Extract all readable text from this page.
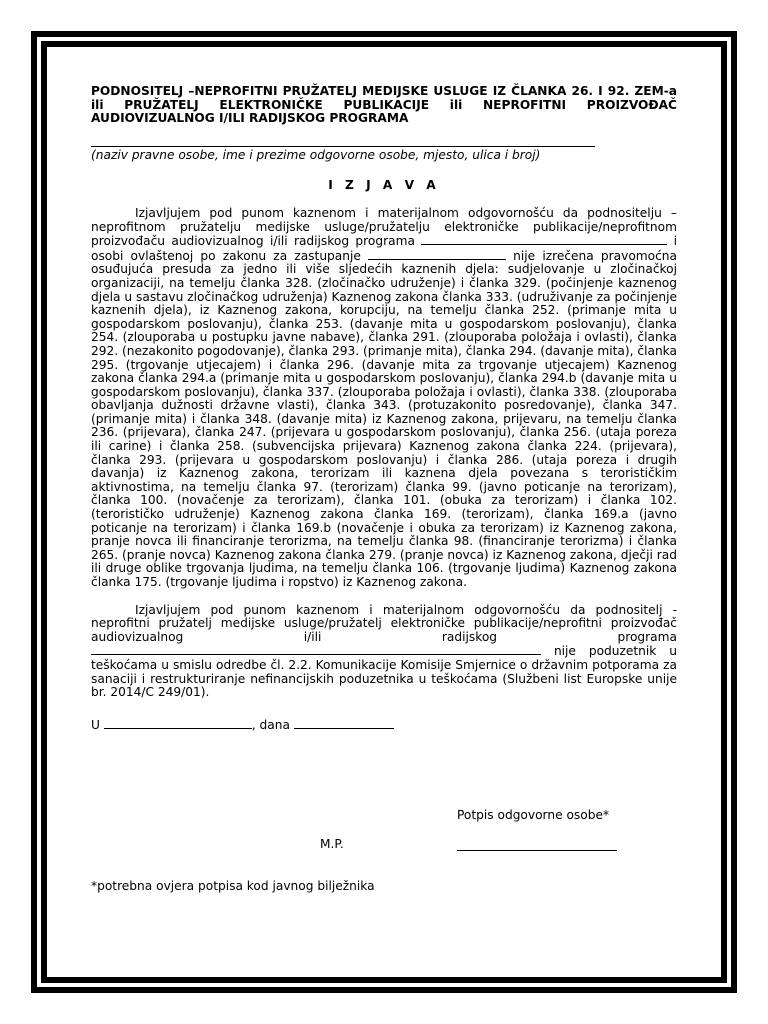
PODNOSITELJ –NEPROFITNI PRUŽATELJ MEDIJSKE USLUGE IZ ČLANKA 26. I 92. ZEM-a ili PRUŽATELJ ELEKTRONIČKE PUBLIKACIJE ili NEPROFITNI PROIZVOĐAČ AUDIOVIZUALNOG I/ILI RADIJSKOG PROGRAMA

(naziv pravne osobe, ime i prezime odgovorne osobe, mjesto, ulica i broj)
I Z J A V A

Izjavljujem pod punom kaznenom i materijalnom odgovornošću da podnositelju – neprofitnom pružatelju medijske usluge/pružatelju elektroničke publikacije/neprofitnom proizvođaču audiovizualnog i/ili radijskog programa	i osobi ovlaštenoj po zakonu za zastupanje	nije izrečena pravomoćna osuđujuća presuda za jedno ili više sljedećih kaznenih djela: sudjelovanje u zločinačkoj organizaciji, na temelju članka 328. (zločinačko udruženje) i članka 329. (počinjenje kaznenog djela u sastavu zločinačkog udruženja) Kaznenog zakona članka 333. (udruživanje za počinjenje kaznenih djela), iz Kaznenog zakona, korupciju, na temelju članka 252. (primanje mita u gospodarskom poslovanju), članka 253. (davanje mita u gospodarskom poslovanju), članka 254. (zlouporaba u postupku javne nabave), članka 291. (zlouporaba položaja i ovlasti), članka 292. (nezakonito pogodovanje), članka 293. (primanje mita), članka 294. (davanje mita), članka 295. (trgovanje utjecajem) i članka 296. (davanje mita za trgovanje utjecajem) Kaznenog zakona članka 294.a (primanje mita u gospodarskom poslovanju), članka 294.b (davanje mita u gospodarskom poslovanju), članka 337. (zlouporaba položaja i ovlasti), članka 338. (zlouporaba obavljanja dužnosti državne vlasti), članka 343. (protuzakonito posredovanje), članka 347. (primanje mita) i članka 348. (davanje mita) iz Kaznenog zakona, prijevaru, na temelju članka 236. (prijevara), članka 247. (prijevara u gospodarskom poslovanju), članka 256. (utaja poreza ili carine) i članka 258. (subvencijska prijevara) Kaznenog zakona članka 224. (prijevara), članka 293. (prijevara u gospodarskom poslovanju) i članka 286. (utaja poreza i drugih davanja) iz Kaznenog zakona, terorizam ili kaznena djela povezana s terorističkim aktivnostima, na temelju članka 97. (terorizam) članka 99. (javno poticanje na terorizam), članka 100. (novačenje za terorizam), članka 101. (obuka za terorizam) i članka 102. (terorističko udruženje) Kaznenog zakona članka 169. (terorizam), članka 169.a (javno poticanje na terorizam) i članka 169.b (novačenje i obuka za terorizam) iz Kaznenog zakona, pranje novca ili financiranje terorizma, na temelju članka 98. (financiranje terorizma) i članka 265. (pranje novca) Kaznenog zakona članka 279. (pranje novca) iz Kaznenog zakona, dječji rad ili druge oblike trgovanja ljudima, na temelju članka 106. (trgovanje ljudima) Kaznenog zakona članka 175. (trgovanje ljudima i ropstvo) iz Kaznenog zakona.

Izjavljujem pod punom kaznenom i materijalnom odgovornošću da podnositelj - neprofitni pružatelj medijske usluge/pružatelj elektroničke publikacije/neprofitni proizvođač audiovizualnog i/ili radijskog programa  nije poduzetnik u teškoćama u smislu odredbe čl. 2.2. Komunikacije Komisije Smjernice o državnim potporama za sanaciji i restrukturiranje nefinancijskih poduzetnika u teškoćama (Službeni list Europske unije br. 2014/C 249/01).

U	, dana
Potpis odgovorne osobe*
M.P.
*potrebna ovjera potpisa kod javnog bilježnika
